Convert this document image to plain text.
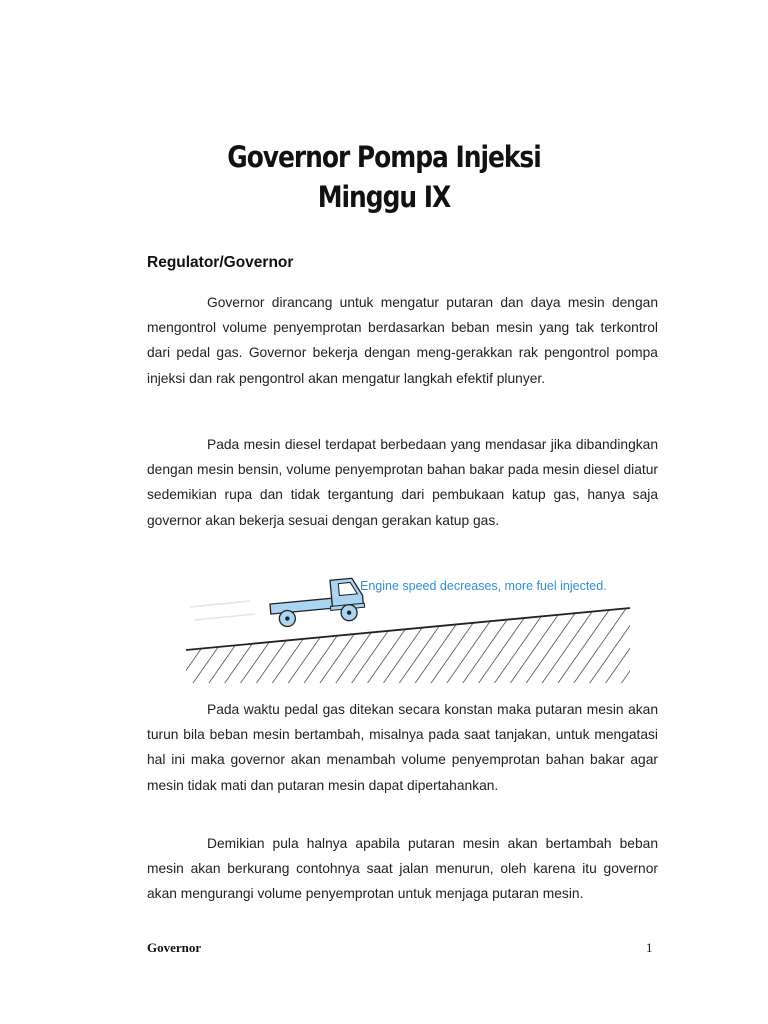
Governor Pompa Injeksi
Minggu IX
Regulator/Governor

Governor dirancang untuk mengatur putaran dan daya mesin dengan mengontrol volume penyemprotan berdasarkan beban mesin yang tak terkontrol dari pedal gas. Governor bekerja dengan meng-gerakkan rak pengontrol pompa injeksi dan rak pengontrol akan mengatur langkah efektif plunyer.

Pada mesin diesel terdapat berbedaan yang mendasar jika dibandingkan dengan mesin bensin, volume penyemprotan bahan bakar pada mesin diesel diatur sedemikian rupa dan tidak tergantung dari pembukaan katup gas, hanya saja governor akan bekerja sesuai dengan gerakan katup gas.

Engine speed decreases, more fuel injected.

Pada waktu pedal gas ditekan secara konstan maka putaran mesin akan turun bila beban mesin bertambah, misalnya pada saat tanjakan, untuk mengatasi hal ini maka governor akan menambah volume penyemprotan bahan bakar agar mesin tidak mati dan putaran mesin dapat dipertahankan.

Demikian pula halnya apabila putaran mesin akan bertambah beban mesin akan berkurang contohnya saat jalan menurun, oleh karena itu governor akan mengurangi volume penyemprotan untuk menjaga putaran mesin.

Governor	1
